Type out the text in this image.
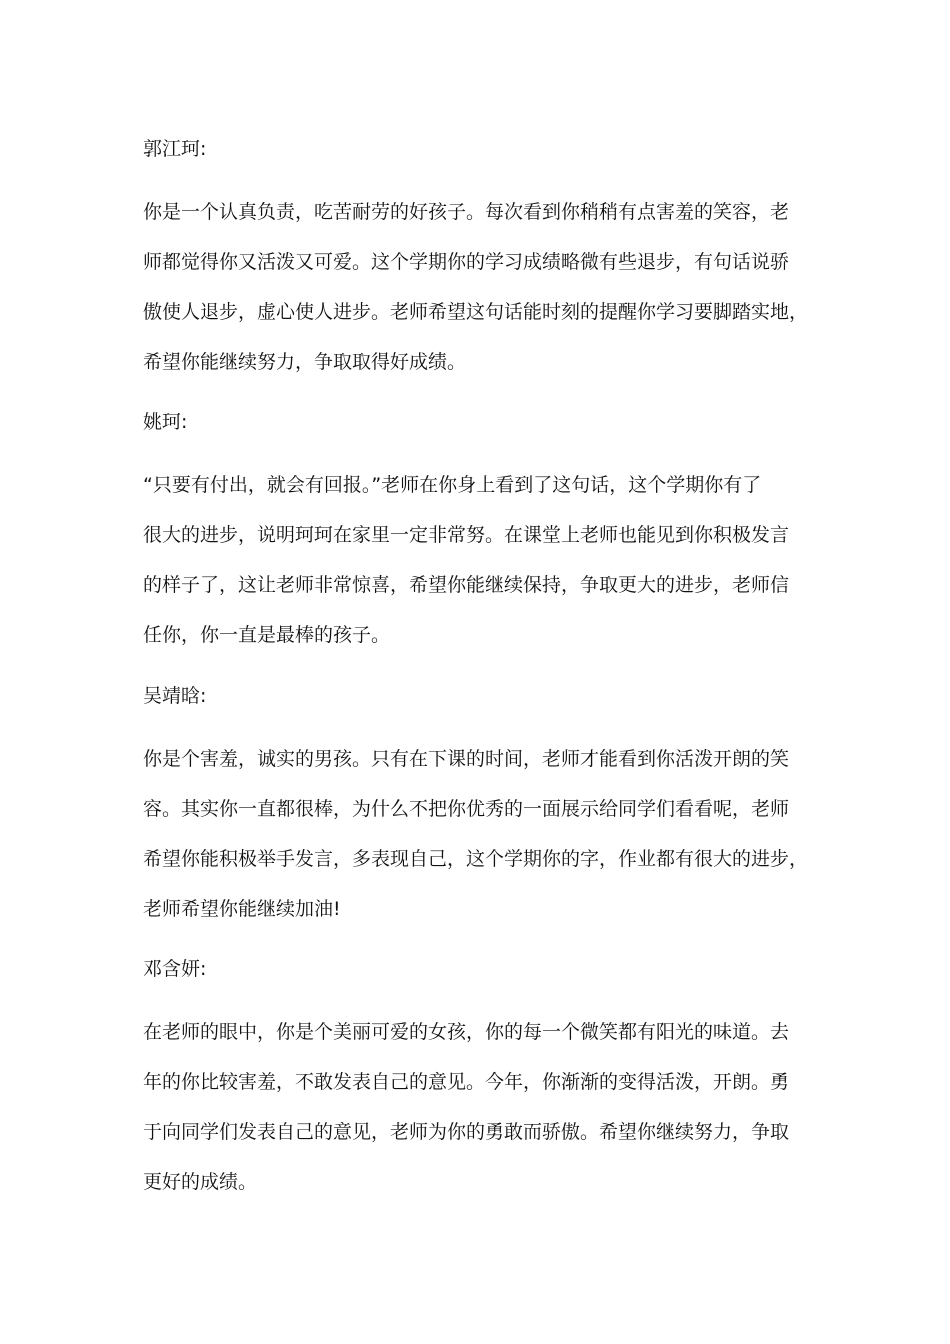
郭江珂:
你是一个认真负责，吃苦耐劳的好孩子。每次看到你稍稍有点害羞的笑容，老
师都觉得你又活泼又可爱。这个学期你的学习成绩略微有些退步，有句话说骄
傲使人退步，虚心使人进步。老师希望这句话能时刻的提醒你学习要脚踏实地，
希望你能继续努力，争取取得好成绩。
姚珂:
“只要有付出，就会有回报。”老师在你身上看到了这句话，这个学期你有了
很大的进步，说明珂珂在家里一定非常努。在课堂上老师也能见到你积极发言
的样子了，这让老师非常惊喜，希望你能继续保持，争取更大的进步，老师信
任你，你一直是最棒的孩子。
吴靖晗:
你是个害羞，诚实的男孩。只有在下课的时间，老师才能看到你活泼开朗的笑
容。其实你一直都很棒，为什么不把你优秀的一面展示给同学们看看呢，老师
希望你能积极举手发言，多表现自己，这个学期你的字，作业都有很大的进步，
老师希望你能继续加油!
邓含妍:
在老师的眼中，你是个美丽可爱的女孩，你的每一个微笑都有阳光的味道。去
年的你比较害羞，不敢发表自己的意见。今年，你渐渐的变得活泼，开朗。勇
于向同学们发表自己的意见，老师为你的勇敢而骄傲。希望你继续努力，争取
更好的成绩。
